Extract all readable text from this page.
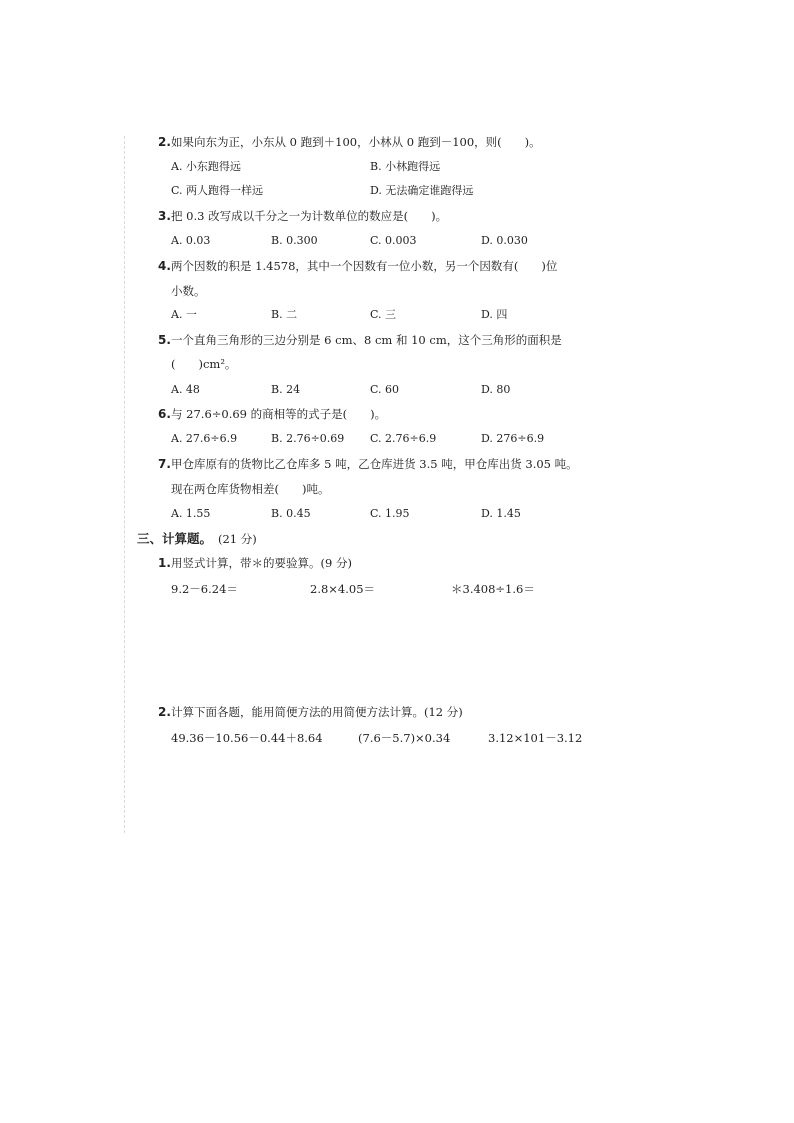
2. 如果向东为正，小东从 0 跑到＋100，小林从 0 跑到－100，则(　　)。
A. 小东跑得远	B. 小林跑得远
C. 两人跑得一样远	D. 无法确定谁跑得远
3. 把 0.3 改写成以千分之一为计数单位的数应是(　　)。
A. 0.03	B. 0.300	C. 0.003	D. 0.030
4. 两个因数的积是 1.4578，其中一个因数有一位小数，另一个因数有(　　)位
小数。
A. 一	B. 二	C. 三	D. 四
5. 一个直角三角形的三边分别是 6 cm、8 cm 和 10 cm，这个三角形的面积是
(　　)cm²。
A. 48	B. 24	C. 60	D. 80
6. 与 27.6÷0.69 的商相等的式子是(　　)。
A. 27.6÷6.9	B. 2.76÷0.69 C. 2.76÷6.9	D. 276÷6.9
7. 甲仓库原有的货物比乙仓库多 5 吨，乙仓库进货 3.5 吨，甲仓库出货 3.05 吨。
现在两仓库货物相差(　　)吨。
A. 1.55	B. 0.45	C. 1.95	D. 1.45
三、计算题。 (21 分)
1. 用竖式计算，带＊的要验算。(9 分)
9.2－6.24＝	2.8×4.05＝	＊3.408÷1.6＝
2. 计算下面各题，能用简便方法的用简便方法计算。(12 分)
49.36－10.56－0.44＋8.64	(7.6－5.7)×0.34	3.12×101－3.12
